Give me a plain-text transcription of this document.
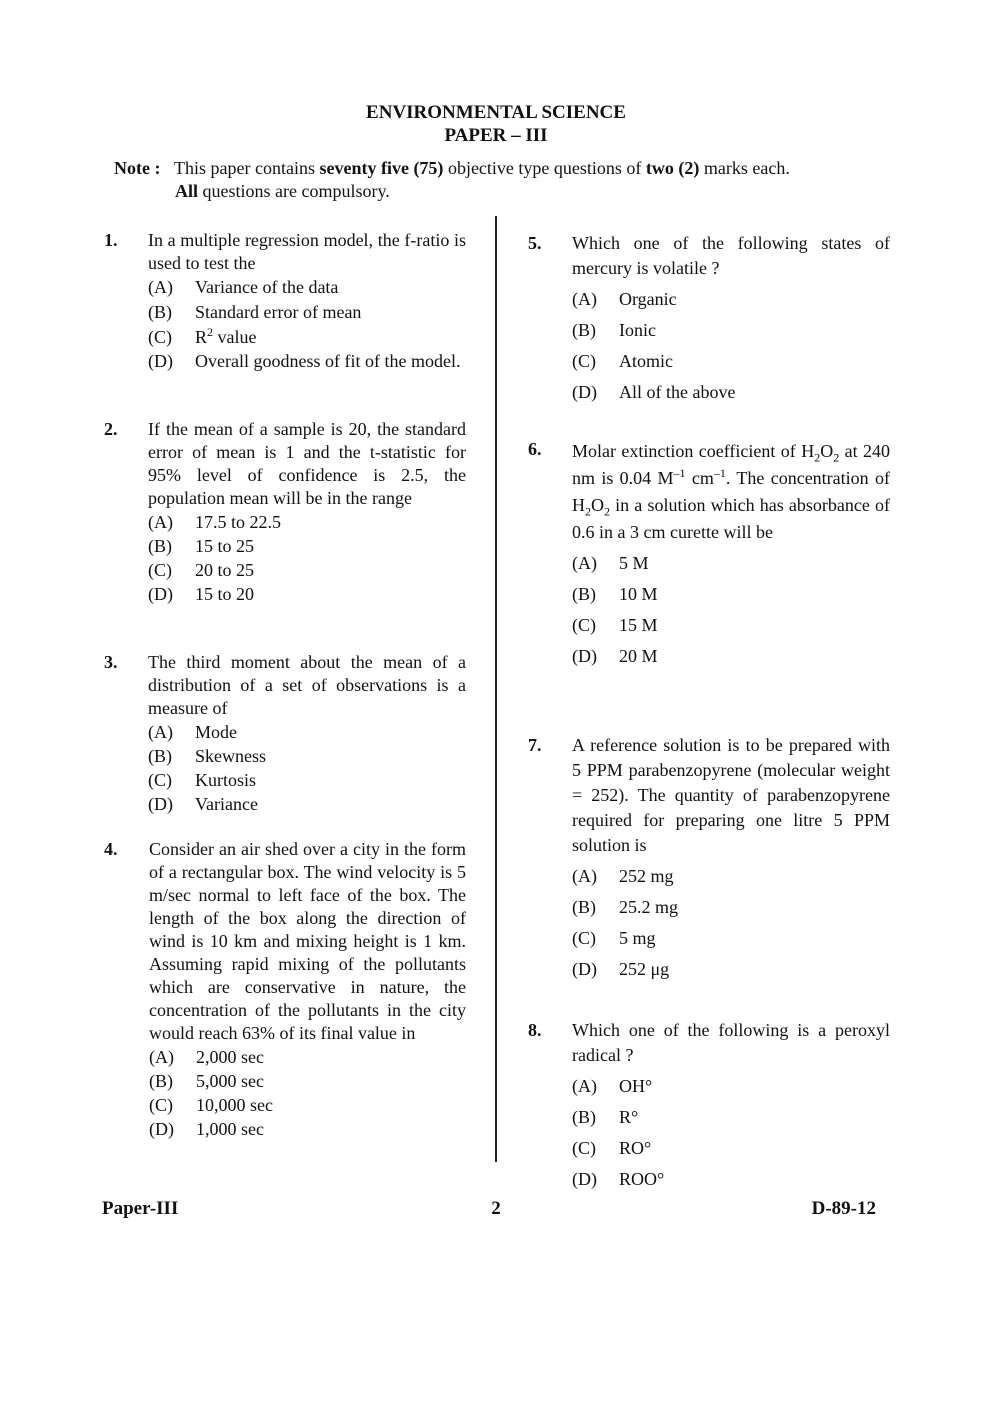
ENVIRONMENTAL SCIENCE
PAPER – III
Note : This paper contains seventy five (75) objective type questions of two (2) marks each.
All questions are compulsory.
1. In a multiple regression model, the f-ratio is used to test the
(A) Variance of the data
(B) Standard error of mean
(C) $R^2$ value
(D) Overall goodness of fit of the model.
2. If the mean of a sample is 20, the standard error of mean is 1 and the t-statistic for 95% level of confidence is 2.5, the population mean will be in the range
(A) 17.5 to 22.5
(B) 15 to 25
(C) 20 to 25
(D) 15 to 20
3. The third moment about the mean of a distribution of a set of observations is a measure of
(A) Mode
(B) Skewness
(C) Kurtosis
(D) Variance
4. Consider an air shed over a city in the form of a rectangular box. The wind velocity is 5 m/sec normal to left face of the box. The length of the box along the direction of wind is 10 km and mixing height is 1 km. Assuming rapid mixing of the pollutants which are conservative in nature, the concentration of the pollutants in the city would reach 63% of its final value in
(A) 2,000 sec
(B) 5,000 sec
(C) 10,000 sec
(D) 1,000 sec
5. Which one of the following states of mercury is volatile ?
(A) Organic
(B) Ionic
(C) Atomic
(D) All of the above
6. Molar extinction coefficient of $H_2O_2$ at 240 nm is 0.04 $M^{-1}$ $cm^{-1}$. The concentration of $H_2O_2$ in a solution which has absorbance of 0.6 in a 3 cm curette will be
(A) 5 M
(B) 10 M
(C) 15 M
(D) 20 M
7. A reference solution is to be prepared with 5 PPM parabenzopyrene (molecular weight = 252). The quantity of parabenzopyrene required for preparing one litre 5 PPM solution is
(A) 252 mg
(B) 25.2 mg
(C) 5 mg
(D) 252 μg
8. Which one of the following is a peroxyl radical ?
(A) OH°
(B) R°
(C) RO°
(D) ROO°
Paper-III	2	D-89-12
